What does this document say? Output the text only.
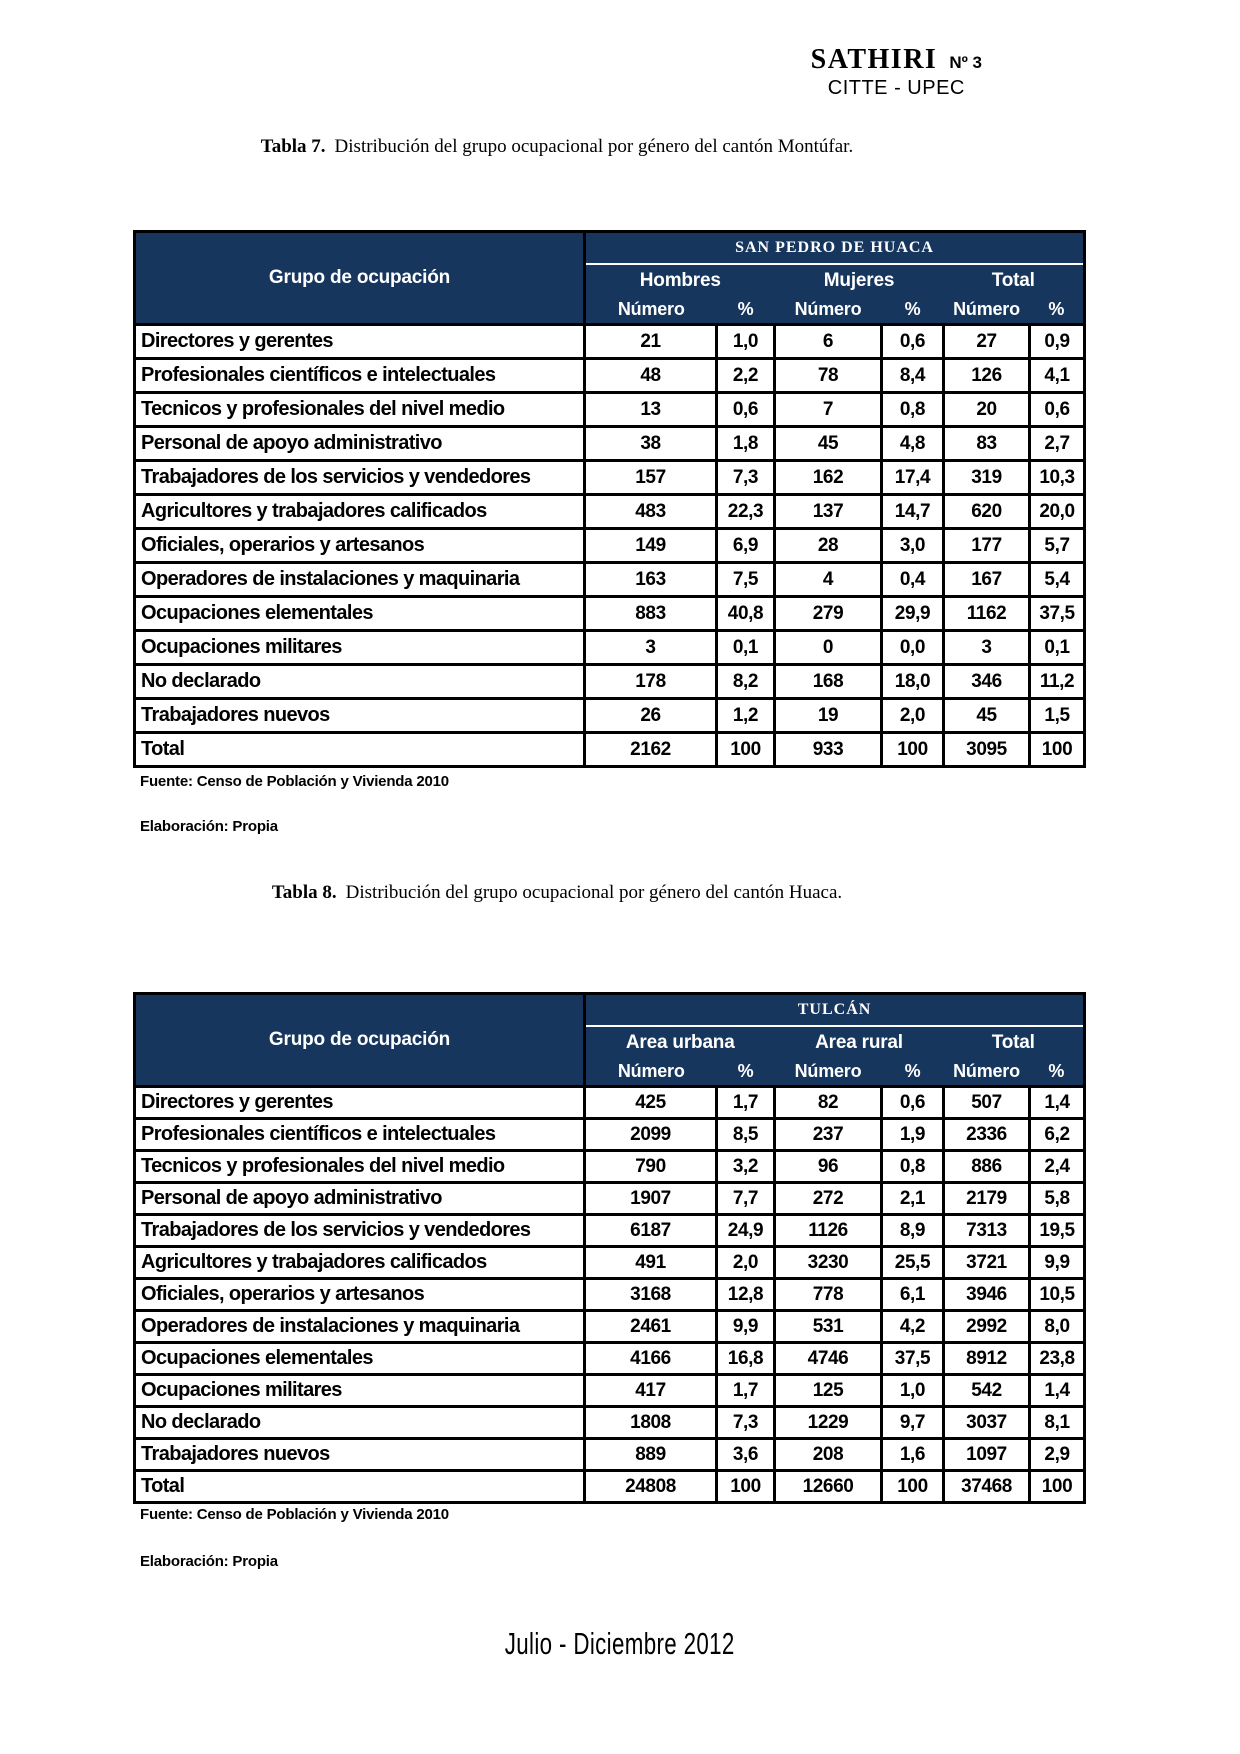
SATHIRI Nº 3
CITTE - UPEC
Tabla 7. Distribución del grupo ocupacional por género del cantón Montúfar.
Grupo de ocupación	SAN PEDRO DE HUACA					
	Hombres		Mujeres		Total	
	Número	%	Número	%	Número	%
Directores y gerentes	21	1,0	6	0,6	27	0,9
Profesionales científicos e intelectuales	48	2,2	78	8,4	126	4,1
Tecnicos y profesionales del nivel medio	13	0,6	7	0,8	20	0,6
Personal de apoyo administrativo	38	1,8	45	4,8	83	2,7
Trabajadores de los servicios y vendedores	157	7,3	162	17,4	319	10,3
Agricultores y trabajadores calificados	483	22,3	137	14,7	620	20,0
Oficiales, operarios y artesanos	149	6,9	28	3,0	177	5,7
Operadores de instalaciones y maquinaria	163	7,5	4	0,4	167	5,4
Ocupaciones elementales	883	40,8	279	29,9	1162	37,5
Ocupaciones militares	3	0,1	0	0,0	3	0,1
No declarado	178	8,2	168	18,0	346	11,2
Trabajadores nuevos	26	1,2	19	2,0	45	1,5
Total	2162	100	933	100	3095	100
Fuente: Censo de Población y Vivienda 2010
Elaboración: Propia
Tabla 8. Distribución del grupo ocupacional por género del cantón Huaca.
Grupo de ocupación	TULCÁN					
	Area urbana		Area rural		Total	
	Número	%	Número	%	Número	%
Directores y gerentes	425	1,7	82	0,6	507	1,4
Profesionales científicos e intelectuales	2099	8,5	237	1,9	2336	6,2
Tecnicos y profesionales del nivel medio	790	3,2	96	0,8	886	2,4
Personal de apoyo administrativo	1907	7,7	272	2,1	2179	5,8
Trabajadores de los servicios y vendedores	6187	24,9	1126	8,9	7313	19,5
Agricultores y trabajadores calificados	491	2,0	3230	25,5	3721	9,9
Oficiales, operarios y artesanos	3168	12,8	778	6,1	3946	10,5
Operadores de instalaciones y maquinaria	2461	9,9	531	4,2	2992	8,0
Ocupaciones elementales	4166	16,8	4746	37,5	8912	23,8
Ocupaciones militares	417	1,7	125	1,0	542	1,4
No declarado	1808	7,3	1229	9,7	3037	8,1
Trabajadores nuevos	889	3,6	208	1,6	1097	2,9
Total	24808	100	12660	100	37468	100
Fuente: Censo de Población y Vivienda 2010
Elaboración: Propia
Julio - Diciembre 2012
